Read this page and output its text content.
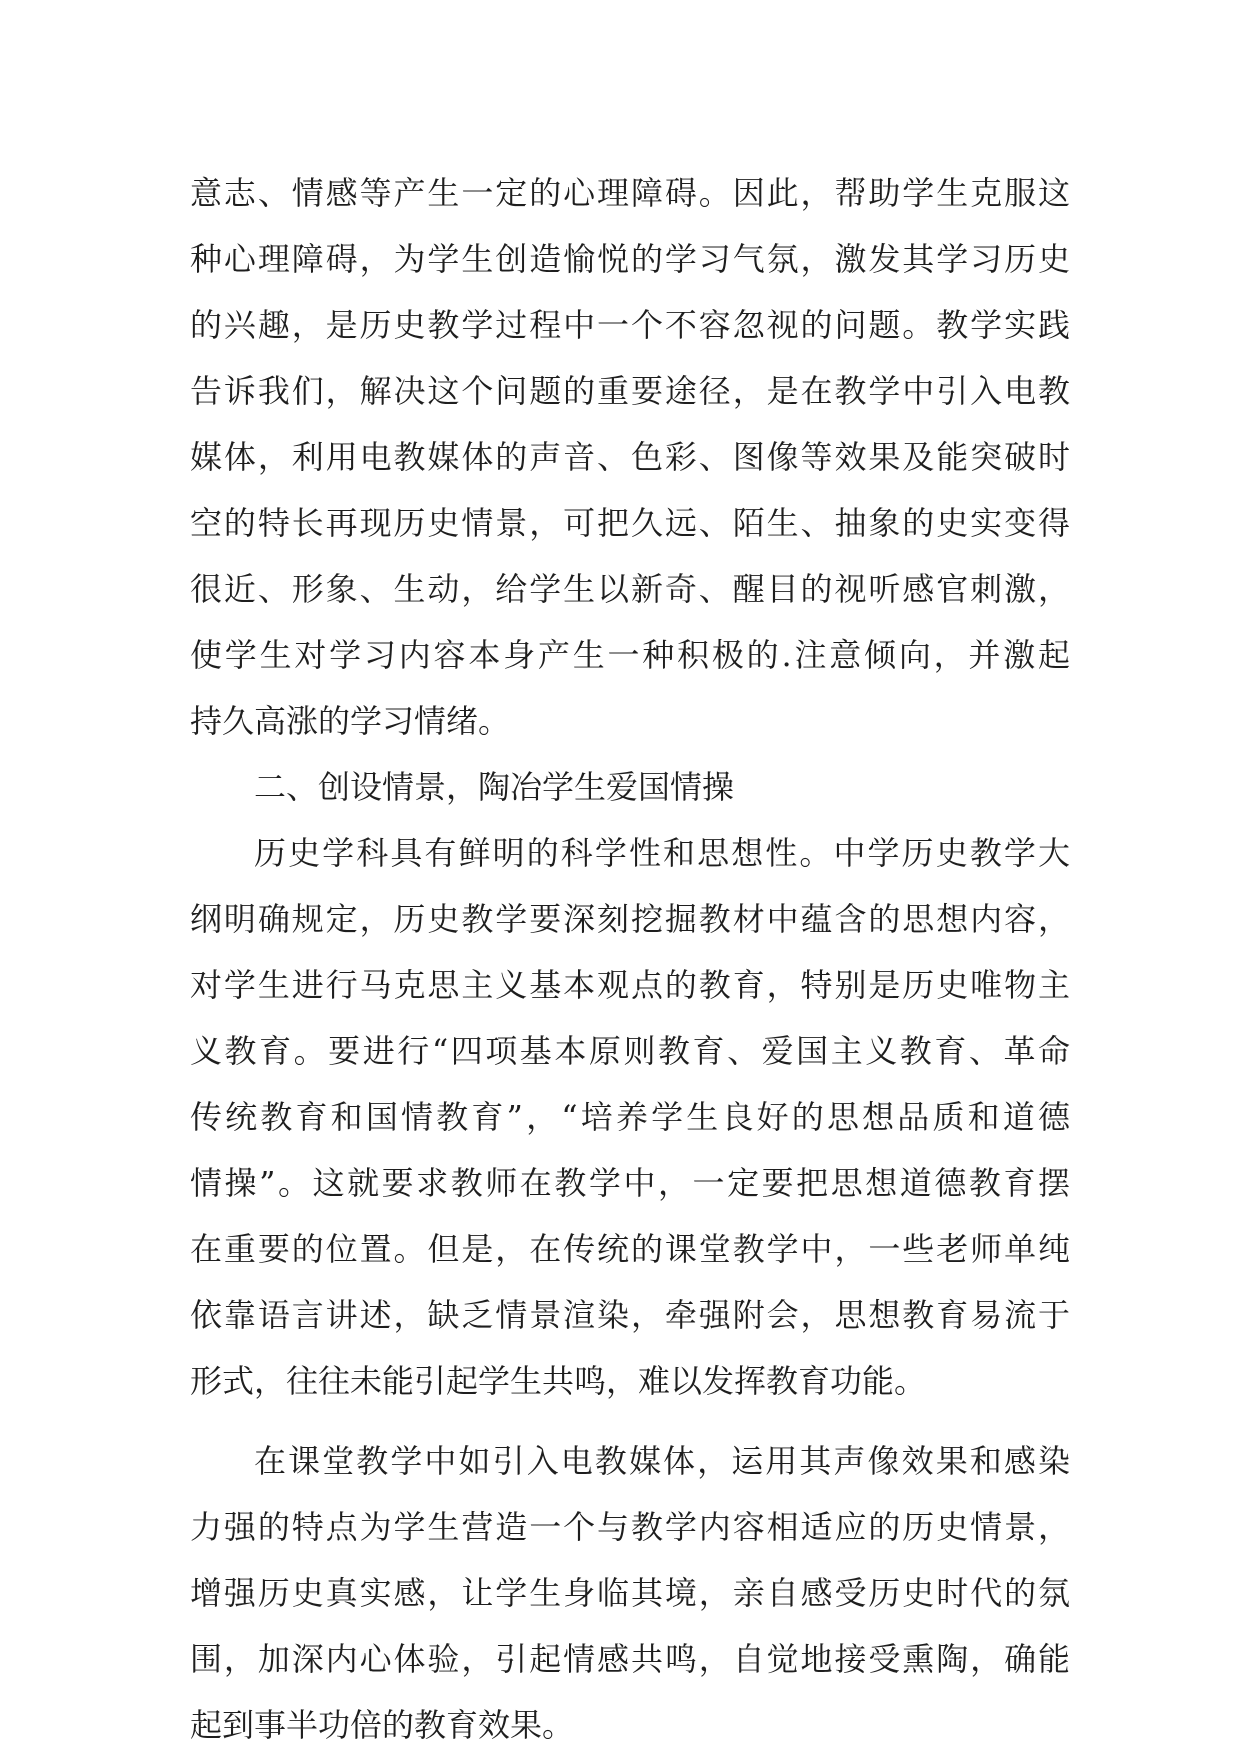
意志、情感等产生一定的心理障碍。因此，帮助学生克服这
种心理障碍，为学生创造愉悦的学习气氛，激发其学习历史
的兴趣，是历史教学过程中一个不容忽视的问题。教学实践
告诉我们，解决这个问题的重要途径，是在教学中引入电教
媒体，利用电教媒体的声音、色彩、图像等效果及能突破时
空的特长再现历史情景，可把久远、陌生、抽象的史实变得
很近、形象、生动，给学生以新奇、醒目的视听感官刺激，
使学生对学习内容本身产生一种积极的.注意倾向，并激起
持久高涨的学习情绪。
二、创设情景，陶冶学生爱国情操
历史学科具有鲜明的科学性和思想性。中学历史教学大
纲明确规定，历史教学要深刻挖掘教材中蕴含的思想内容，
对学生进行马克思主义基本观点的教育，特别是历史唯物主
义教育。要进行“四项基本原则教育、爱国主义教育、革命
传统教育和国情教育”，“培养学生良好的思想品质和道德
情操”。这就要求教师在教学中，一定要把思想道德教育摆
在重要的位置。但是，在传统的课堂教学中，一些老师单纯
依靠语言讲述，缺乏情景渲染，牵强附会，思想教育易流于
形式，往往未能引起学生共鸣，难以发挥教育功能。
在课堂教学中如引入电教媒体，运用其声像效果和感染
力强的特点为学生营造一个与教学内容相适应的历史情景，
增强历史真实感，让学生身临其境，亲自感受历史时代的氛
围，加深内心体验，引起情感共鸣，自觉地接受熏陶，确能
起到事半功倍的教育效果。
